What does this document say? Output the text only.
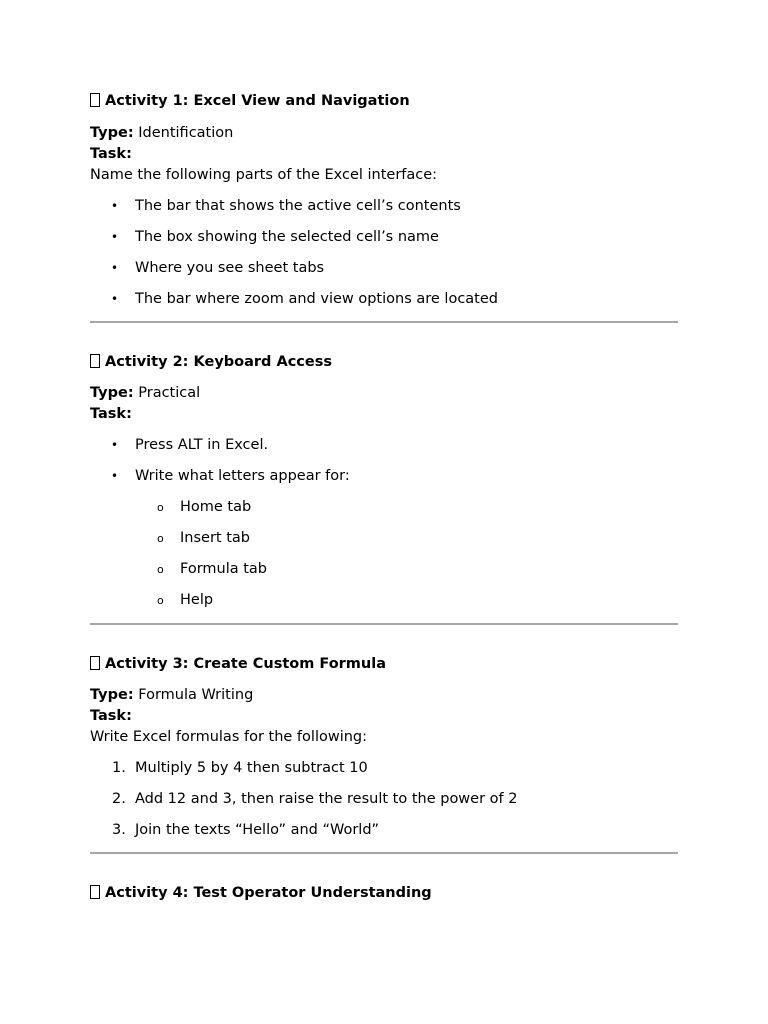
Activity 1: Excel View and Navigation
Type: Identification
Task:
Name the following parts of the Excel interface:
• The bar that shows the active cell’s contents
• The box showing the selected cell’s name
• Where you see sheet tabs
• The bar where zoom and view options are located
Activity 2: Keyboard Access
Type: Practical
Task:
• Press ALT in Excel.
• Write what letters appear for:
o Home tab
o Insert tab
o Formula tab
o Help
Activity 3: Create Custom Formula
Type: Formula Writing
Task:
Write Excel formulas for the following:
1. Multiply 5 by 4 then subtract 10
2. Add 12 and 3, then raise the result to the power of 2
3. Join the texts “Hello” and “World”
Activity 4: Test Operator Understanding
